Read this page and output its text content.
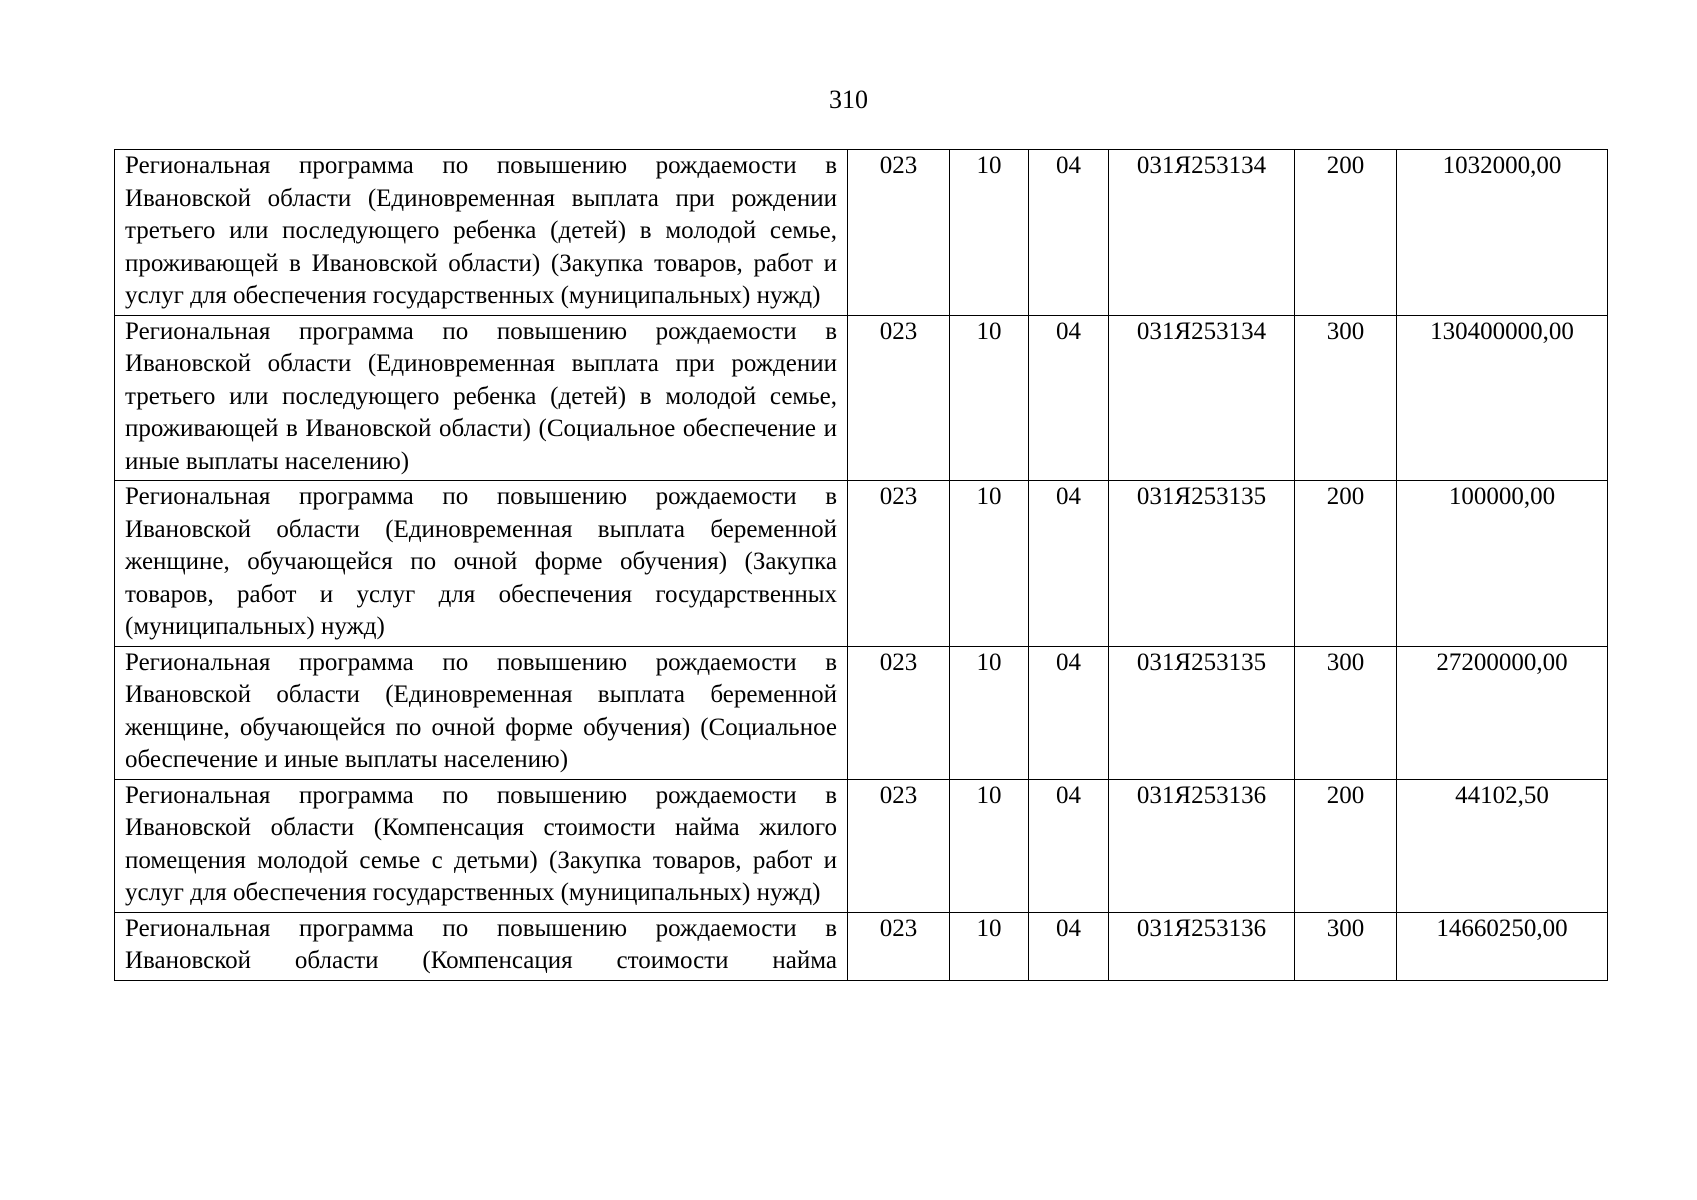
310
Региональная программа по повышению рождаемости в Ивановской области (Единовременная выплата при рождении третьего или последующего ребенка (детей) в молодой семье, проживающей в Ивановской области) (Закупка товаров, работ и услуг для обеспечения государственных (муниципальных) нужд)	023	10	04	031Я253134	200	1032000,00
Региональная программа по повышению рождаемости в Ивановской области (Единовременная выплата при рождении третьего или последующего ребенка (детей) в молодой семье, проживающей в Ивановской области) (Социальное обеспечение и иные выплаты населению)	023	10	04	031Я253134	300	130400000,00
Региональная программа по повышению рождаемости в Ивановской области (Единовременная выплата беременной женщине, обучающейся по очной форме обучения) (Закупка товаров, работ и услуг для обеспечения государственных (муниципальных) нужд)	023	10	04	031Я253135	200	100000,00
Региональная программа по повышению рождаемости в Ивановской области (Единовременная выплата беременной женщине, обучающейся по очной форме обучения) (Социальное обеспечение и иные выплаты населению)	023	10	04	031Я253135	300	27200000,00
Региональная программа по повышению рождаемости в Ивановской области (Компенсация стоимости найма жилого помещения молодой семье с детьми) (Закупка товаров, работ и услуг для обеспечения государственных (муниципальных) нужд)	023	10	04	031Я253136	200	44102,50
Региональная программа по повышению рождаемости в Ивановской области (Компенсация стоимости найма	023	10	04	031Я253136	300	14660250,00
